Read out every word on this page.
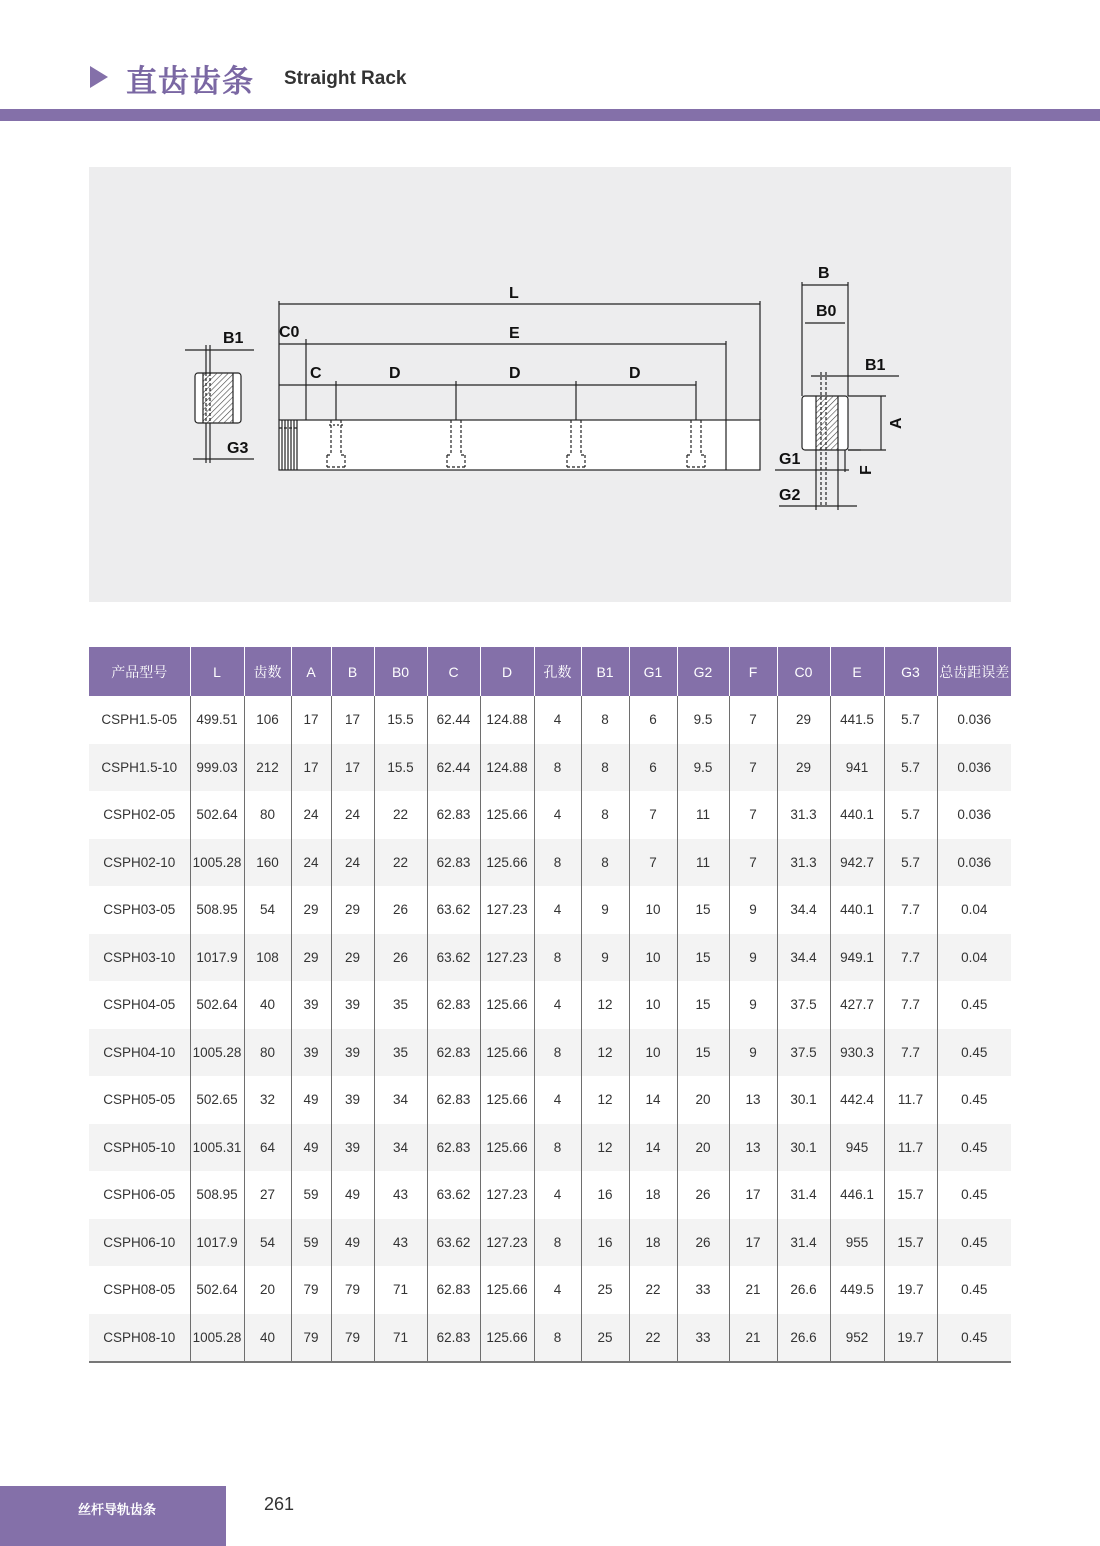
直齿齿条 Straight Rack
B1
G3
L
E
C0
C	D	D	D
B
B0
B1
A
F
G1
G2
产品型号	L	齿数	A	B	B0	C	D	孔数	B1	G1	G2	F	C0	E	G3	总齿距误差
CSPH1.5-05	499.51	106	17	17	15.5	62.44	124.88	4	8	6	9.5	7	29	441.5	5.7	0.036
CSPH1.5-10	999.03	212	17	17	15.5	62.44	124.88	8	8	6	9.5	7	29	941	5.7	0.036
CSPH02-05	502.64	80	24	24	22	62.83	125.66	4	8	7	11	7	31.3	440.1	5.7	0.036
CSPH02-10	1005.28	160	24	24	22	62.83	125.66	8	8	7	11	7	31.3	942.7	5.7	0.036
CSPH03-05	508.95	54	29	29	26	63.62	127.23	4	9	10	15	9	34.4	440.1	7.7	0.04
CSPH03-10	1017.9	108	29	29	26	63.62	127.23	8	9	10	15	9	34.4	949.1	7.7	0.04
CSPH04-05	502.64	40	39	39	35	62.83	125.66	4	12	10	15	9	37.5	427.7	7.7	0.45
CSPH04-10	1005.28	80	39	39	35	62.83	125.66	8	12	10	15	9	37.5	930.3	7.7	0.45
CSPH05-05	502.65	32	49	39	34	62.83	125.66	4	12	14	20	13	30.1	442.4	11.7	0.45
CSPH05-10	1005.31	64	49	39	34	62.83	125.66	8	12	14	20	13	30.1	945	11.7	0.45
CSPH06-05	508.95	27	59	49	43	63.62	127.23	4	16	18	26	17	31.4	446.1	15.7	0.45
CSPH06-10	1017.9	54	59	49	43	63.62	127.23	8	16	18	26	17	31.4	955	15.7	0.45
CSPH08-05	502.64	20	79	79	71	62.83	125.66	4	25	22	33	21	26.6	449.5	19.7	0.45
CSPH08-10	1005.28	40	79	79	71	62.83	125.66	8	25	22	33	21	26.6	952	19.7	0.45
丝杆导轨齿条	261
